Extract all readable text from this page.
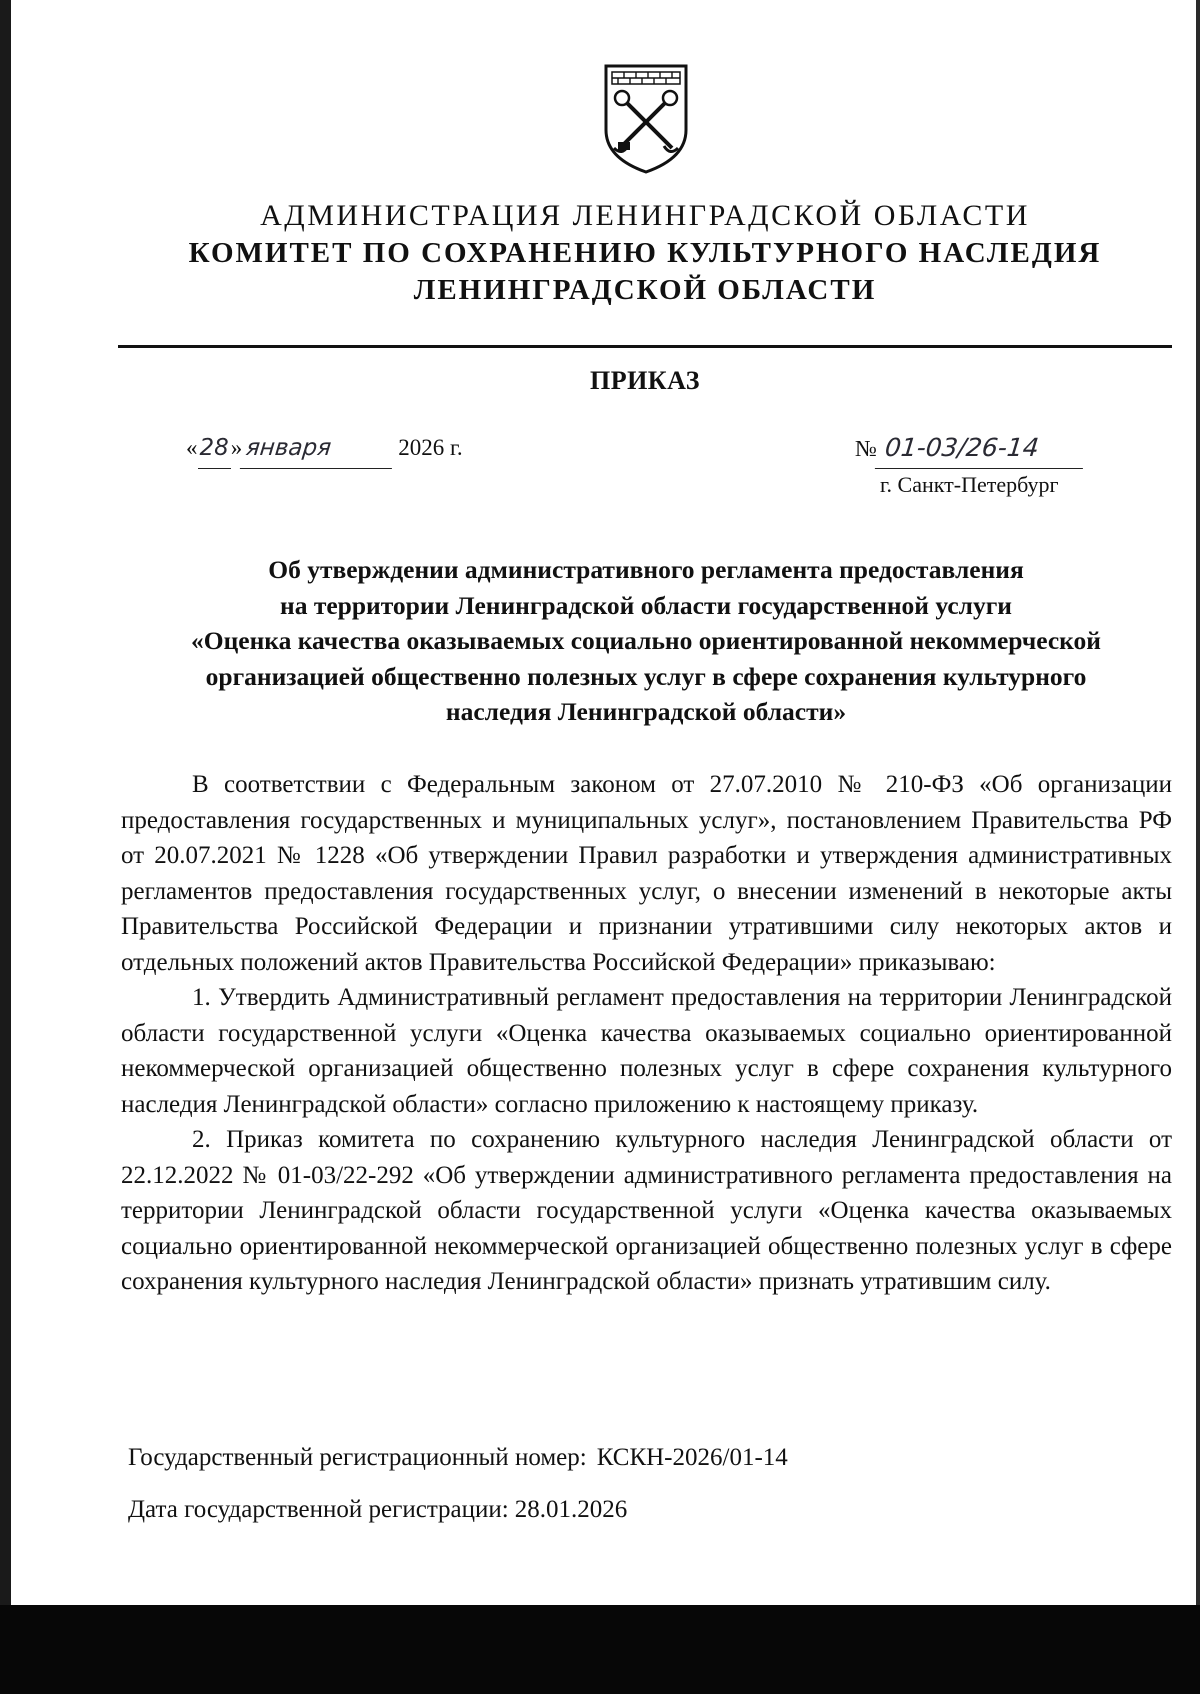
АДМИНИСТРАЦИЯ ЛЕНИНГРАДСКОЙ ОБЛАСТИ
КОМИТЕТ ПО СОХРАНЕНИЮ КУЛЬТУРНОГО НАСЛЕДИЯ
ЛЕНИНГРАДСКОЙ ОБЛАСТИ
ПРИКАЗ
«28» января	2026 г.	№ 01-03/26-14
г. Санкт-Петербург
Об утверждении административного регламента предоставления
на территории Ленинградской области государственной услуги
«Оценка качества оказываемых социально ориентированной некоммерческой
организацией общественно полезных услуг в сфере сохранения культурного
наследия Ленинградской области»

В соответствии с Федеральным законом от 27.07.2010 № 210-ФЗ «Об организации предоставления государственных и муниципальных услуг», постановлением Правительства РФ от 20.07.2021 № 1228 «Об утверждении Правил разработки и утверждения административных регламентов предоставления государственных услуг, о внесении изменений в некоторые акты Правительства Российской Федерации и признании утратившими силу некоторых актов и отдельных положений актов Правительства Российской Федерации» приказываю:

1. Утвердить Административный регламент предоставления на территории Ленинградской области государственной услуги «Оценка качества оказываемых социально ориентированной некоммерческой организацией общественно полезных услуг в сфере сохранения культурного наследия Ленинградской области» согласно приложению к настоящему приказу.

2. Приказ комитета по сохранению культурного наследия Ленинградской области от 22.12.2022 № 01-03/22-292 «Об утверждении административного регламента предоставления на территории Ленинградской области государственной услуги «Оценка качества оказываемых социально ориентированной некоммерческой организацией общественно полезных услуг в сфере сохранения культурного наследия Ленинградской области» признать утратившим силу.

Государственный регистрационный номер: КСКН-2026/01-14
Дата государственной регистрации: 28.01.2026
